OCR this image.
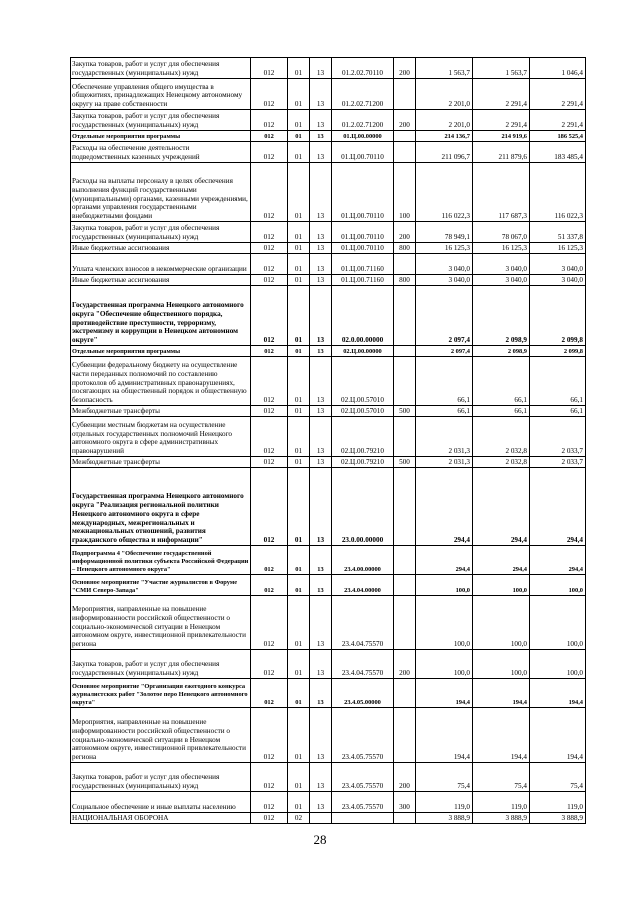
Закупка товаров, работ и услуг для обеспечения государственных (муниципальных) нужд	012	01	13	01.2.02.70110	200	1 563,7	1 563,7	1 046,4
Обеспечение управления общего имущества в общежитиях, принадлежащих Ненецкому автономному округу на праве собственности	012	01	13	01.2.02.71200		2 201,0	2 291,4	2 291,4
Закупка товаров, работ и услуг для обеспечения государственных (муниципальных) нужд	012	01	13	01.2.02.71200	200	2 201,0	2 291,4	2 291,4
Отдельные мероприятия программы	012	01	13	01.Ц.00.00000		214 136,7	214 919,6	186 525,4
Расходы на обеспечение деятельности подведомственных казенных учреждений	012	01	13	01.Ц.00.70110		211 096,7	211 879,6	183 485,4
Расходы на выплаты персоналу в целях обеспечения выполнения функций государственными (муниципальными) органами, казенными учреждениями, органами управления государственными внебюджетными фондами	012	01	13	01.Ц.00.70110	100	116 022,3	117 687,3	116 022,3
Закупка товаров, работ и услуг для обеспечения государственных (муниципальных) нужд	012	01	13	01.Ц.00.70110	200	78 949,1	78 067,0	51 337,8
Иные бюджетные ассигнования	012	01	13	01.Ц.00.70110	800	16 125,3	16 125,3	16 125,3
Уплата членских взносов в некоммерческие организации	012	01	13	01.Ц.00.71160		3 040,0	3 040,0	3 040,0
Иные бюджетные ассигнования	012	01	13	01.Ц.00.71160	800	3 040,0	3 040,0	3 040,0
Государственная программа Ненецкого автономного округа "Обеспечение общественного порядка, противодействие преступности, терроризму, экстремизму и коррупции в Ненецком автономном округе"	012	01	13	02.0.00.00000		2 097,4	2 098,9	2 099,8
Отдельные мероприятия программы	012	01	13	02.Ц.00.00000		2 097,4	2 098,9	2 099,8
Субвенции федеральному бюджету на осуществление части переданных полномочий по составлению протоколов об административных правонарушениях, посягающих на общественный порядок и общественную безопасность	012	01	13	02.Ц.00.57010		66,1	66,1	66,1
Межбюджетные трансферты	012	01	13	02.Ц.00.57010	500	66,1	66,1	66,1
Субвенции местным бюджетам на осуществление отдельных государственных полномочий Ненецкого автономного округа в сфере административных правонарушений	012	01	13	02.Ц.00.79210		2 031,3	2 032,8	2 033,7
Межбюджетные трансферты	012	01	13	02.Ц.00.79210	500	2 031,3	2 032,8	2 033,7
Государственная программа Ненецкого автономного округа "Реализация региональной политики Ненецкого автономного округа в сфере международных, межрегиональных и межнациональных отношений, развития гражданского общества и информации"	012	01	13	23.0.00.00000		294,4	294,4	294,4
Подпрограмма 4 "Обеспечение государственной информационной политики субъекта Российской Федерации – Ненецкого автономного округа"	012	01	13	23.4.00.00000		294,4	294,4	294,4
Основное мероприятие "Участие журналистов в Форуме "СМИ Северо-Запада"	012	01	13	23.4.04.00000		100,0	100,0	100,0
Мероприятия, направленные на повышение информированности российской общественности о социально-экономической ситуации в Ненецком автономном округе, инвестиционной привлекательности региона	012	01	13	23.4.04.75570		100,0	100,0	100,0
Закупка товаров, работ и услуг для обеспечения государственных (муниципальных) нужд	012	01	13	23.4.04.75570	200	100,0	100,0	100,0
Основное мероприятие "Организация ежегодного конкурса журналистских работ "Золотое перо Ненецкого автономного округа"	012	01	13	23.4.05.00000		194,4	194,4	194,4
Мероприятия, направленные на повышение информированности российской общественности о социально-экономической ситуации в Ненецком автономном округе, инвестиционной привлекательности региона	012	01	13	23.4.05.75570		194,4	194,4	194,4
Закупка товаров, работ и услуг для обеспечения государственных (муниципальных) нужд	012	01	13	23.4.05.75570	200	75,4	75,4	75,4
Социальное обеспечение и иные выплаты населению	012	01	13	23.4.05.75570	300	119,0	119,0	119,0
НАЦИОНАЛЬНАЯ ОБОРОНА	012	02				3 888,9	3 888,9	3 888,9
28
